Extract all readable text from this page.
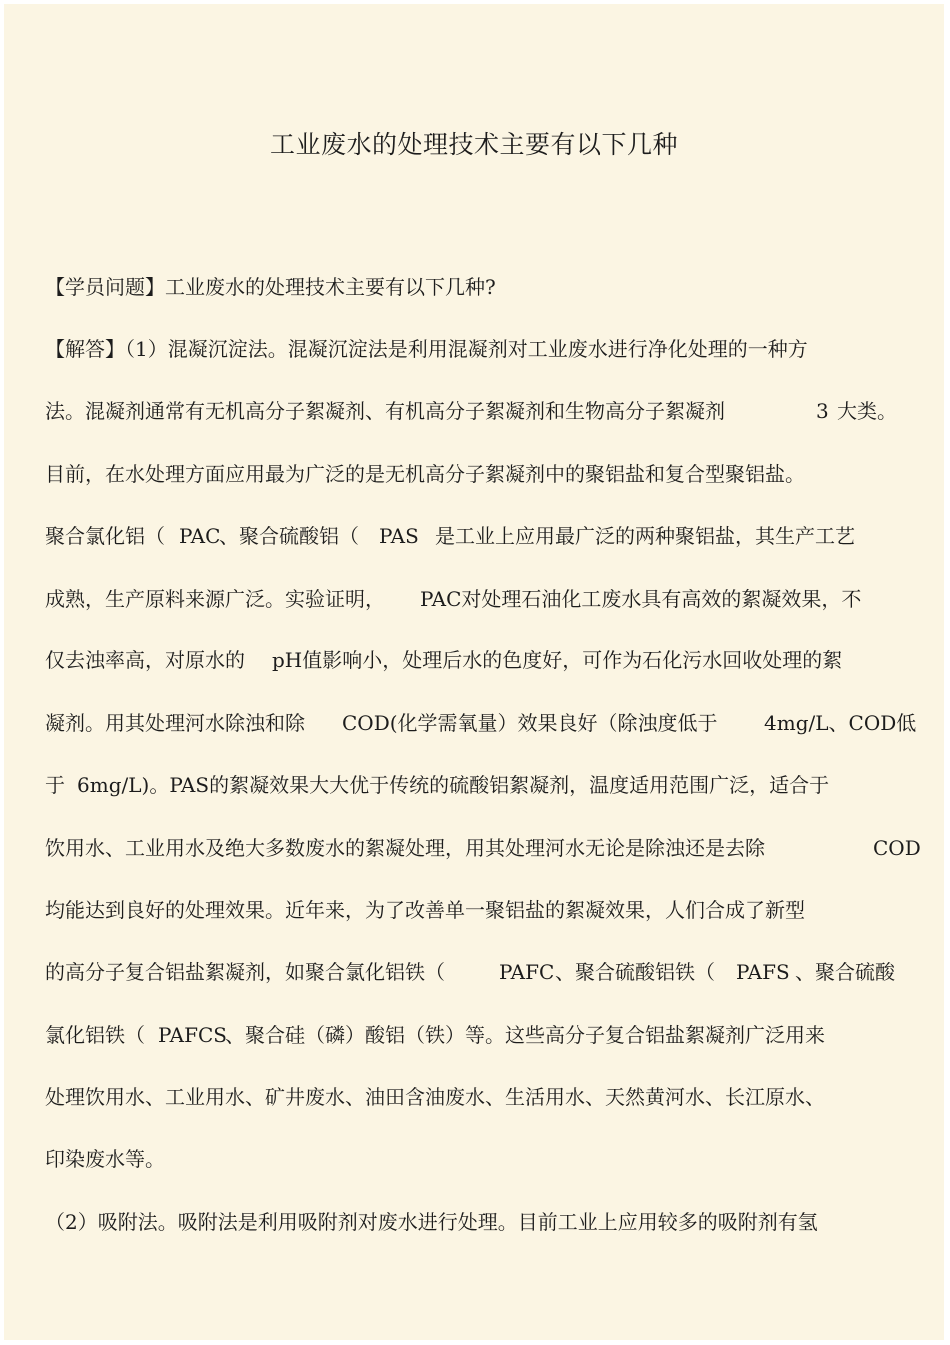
工业废水的处理技术主要有以下几种
【学员问题】工业废水的处理技术主要有以下几种?
【解答】（1）混凝沉淀法。混凝沉淀法是利用混凝剂对工业废水进行净化处理的一种方
法。混凝剂通常有无机高分子絮凝剂、有机高分子絮凝剂和生物高分子絮凝剂	3 大类。
目前，在水处理方面应用最为广泛的是无机高分子絮凝剂中的聚铝盐和复合型聚铝盐。
聚合氯化铝（ PAC
、聚合硫酸铝（ PAS 是工业上应用最广泛的两种聚铝盐，其生产工艺
成熟，生产原料来源广泛。实验证明， PAC对处理石油化工废水具有高效的絮凝效果，不
仅去浊率高，对原水的 pH值影响小，处理后水的色度好，可作为石化污水回收处理的絮
凝剂。用其处理河水除浊和除 COD(化学需氧量）效果良好（除浊度低于 4mg/L、COD低
于 6mg/L)。PAS的絮凝效果大大优于传统的硫酸铝絮凝剂，温度适用范围广泛，适合于
饮用水、工业用水及绝大多数废水的絮凝处理，用其处理河水无论是除浊还是去除	COD
均能达到良好的处理效果。近年来，为了改善单一聚铝盐的絮凝效果，人们合成了新型
的高分子复合铝盐絮凝剂，如聚合氯化铝铁（	PAFC 、聚合硫酸铝铁（ PAFS 、聚合硫酸
氯化铝铁（ PAFCS
、聚合硅（磷）酸铝（铁）等。这些高分子复合铝盐絮凝剂广泛用来
处理饮用水、工业用水、矿井废水、油田含油废水、生活用水、天然黄河水、长江原水、
印染废水等。
（2）吸附法。吸附法是利用吸附剂对废水进行处理。目前工业上应用较多的吸附剂有氢
